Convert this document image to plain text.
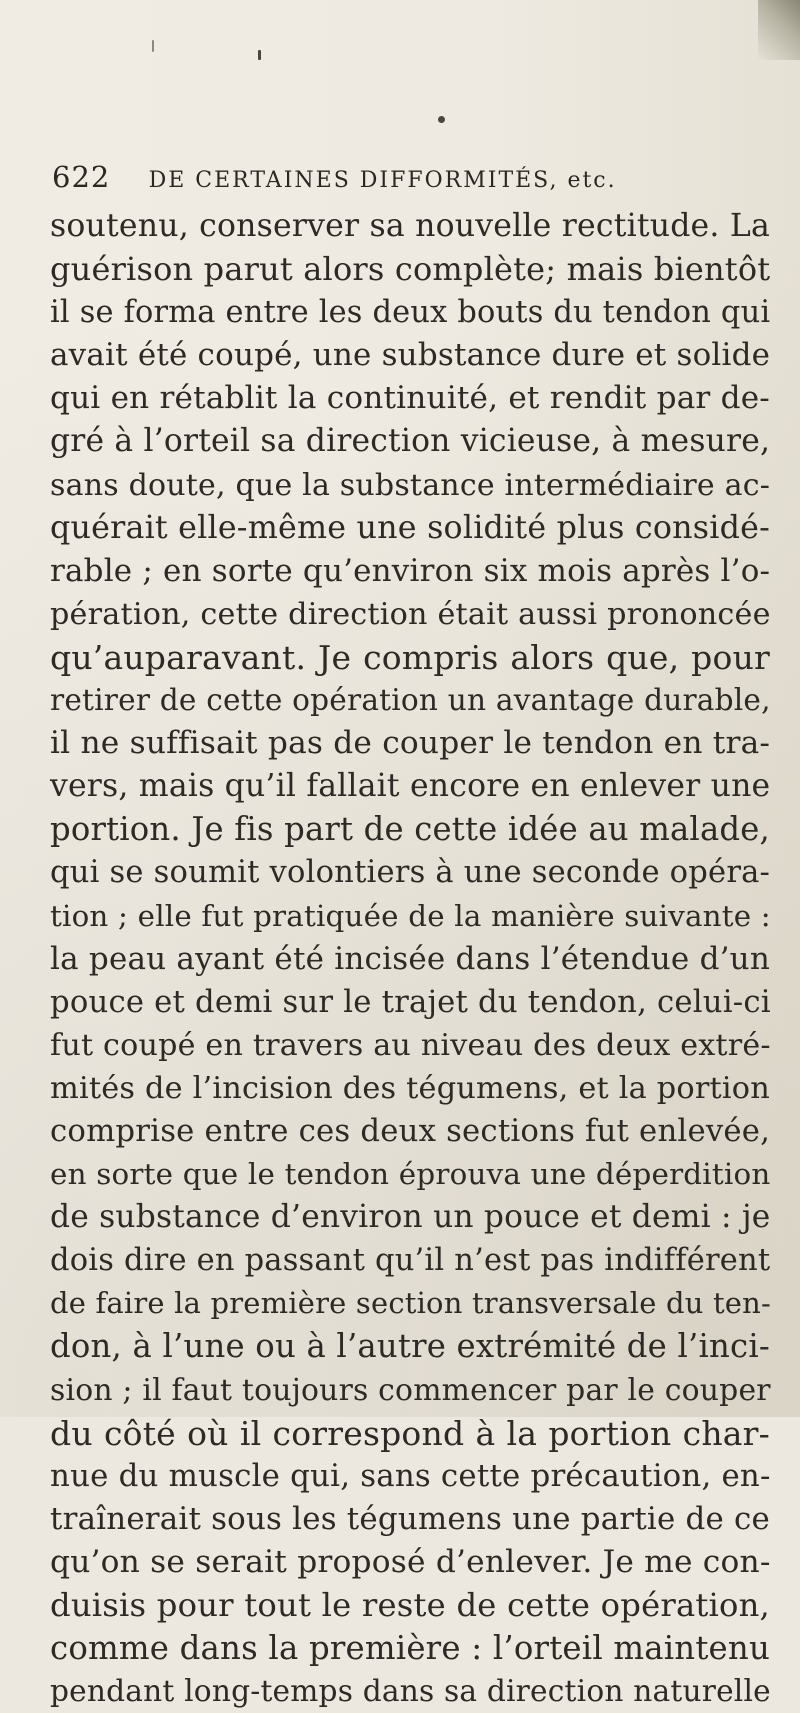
622 DE CERTAINES DIFFORMITÉS, etc.
soutenu, conserver sa nouvelle rectitude. La
guérison parut alors complète; mais bientôt
il se forma entre les deux bouts du tendon qui
avait été coupé, une substance dure et solide
qui en rétablit la continuité, et rendit par de-
gré à l’orteil sa direction vicieuse, à mesure,
sans doute, que la substance intermédiaire ac-
quérait elle-même une solidité plus considé-
rable ; en sorte qu’environ six mois après l’o-
pération, cette direction était aussi prononcée
qu’auparavant. Je compris alors que, pour
retirer de cette opération un avantage durable,
il ne suffisait pas de couper le tendon en tra-
vers, mais qu’il fallait encore en enlever une
portion. Je fis part de cette idée au malade,
qui se soumit volontiers à une seconde opéra-
tion ; elle fut pratiquée de la manière suivante :
la peau ayant été incisée dans l’étendue d’un
pouce et demi sur le trajet du tendon, celui-ci
fut coupé en travers au niveau des deux extré-
mités de l’incision des tégumens, et la portion
comprise entre ces deux sections fut enlevée,
en sorte que le tendon éprouva une déperdition
de substance d’environ un pouce et demi : je
dois dire en passant qu’il n’est pas indifférent
de faire la première section transversale du ten-
don, à l’une ou à l’autre extrémité de l’inci-
sion ; il faut toujours commencer par le couper
du côté où il correspond à la portion char-
nue du muscle qui, sans cette précaution, en-
traînerait sous les tégumens une partie de ce
qu’on se serait proposé d’enlever. Je me con-
duisis pour tout le reste de cette opération,
comme dans la première : l’orteil maintenu
pendant long-temps dans sa direction naturelle
